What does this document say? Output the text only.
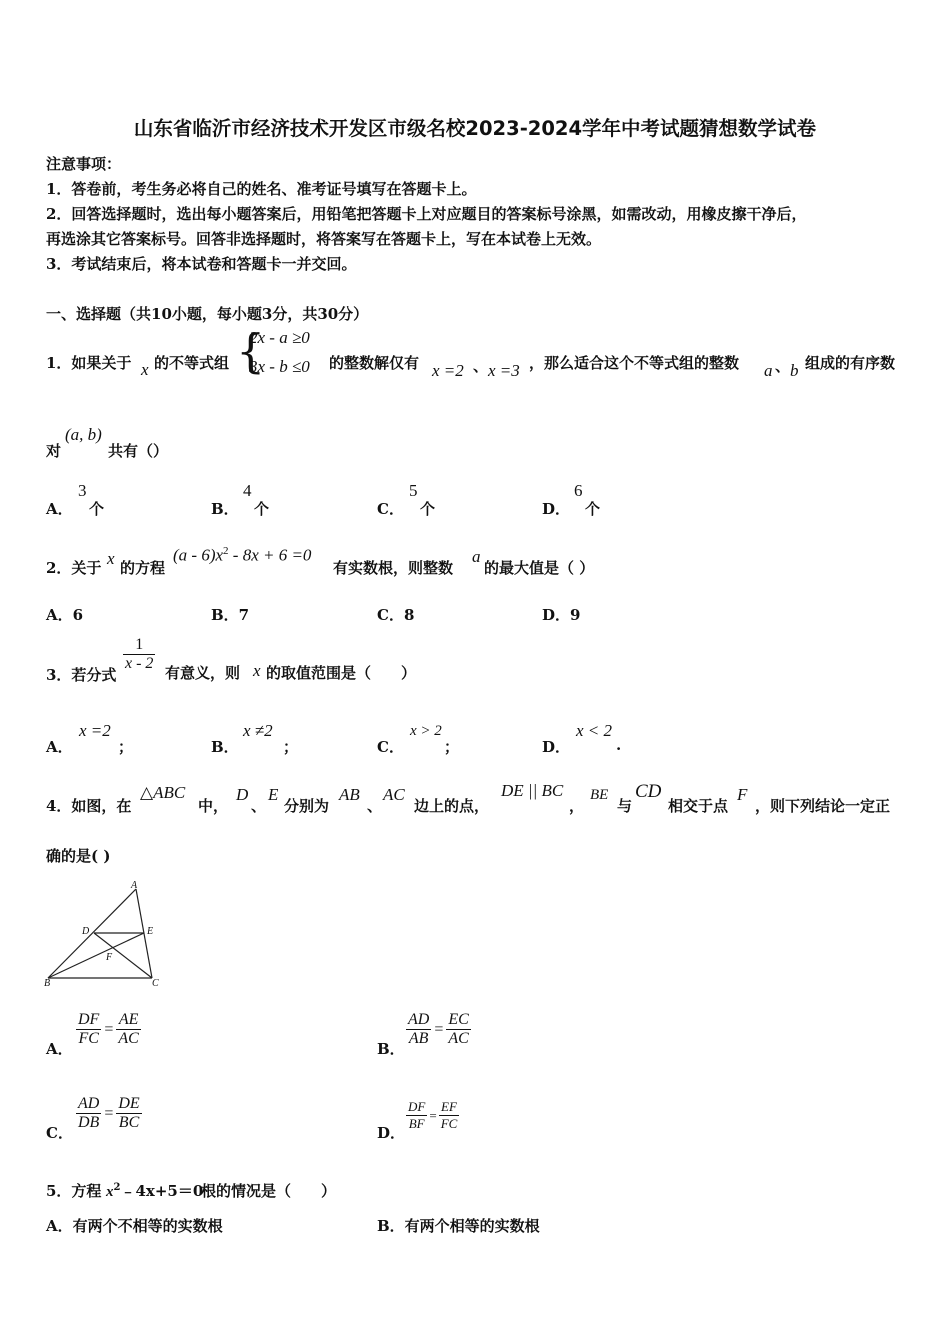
山东省临沂市经济技术开发区市级名校2023-2024学年中考试题猜想数学试卷
注意事项：
1．答卷前，考生务必将自己的姓名、准考证号填写在答题卡上。
2．回答选择题时，选出每小题答案后，用铅笔把答题卡上对应题目的答案标号涂黑，如需改动，用橡皮擦干净后，
再选涂其它答案标号。回答非选择题时，将答案写在答题卡上，写在本试卷上无效。
3．考试结束后，将本试卷和答题卡一并交回。
一、选择题（共10小题，每小题3分，共30分）
1．如果关于 x 的不等式组 {
2x - a ≥0
3x - b ≤0 的整数解仅有 x =2 、 x =3 ，那么适合这个不等式组的整数 a 、 b 组成的有序数
对
(a, b)
共有（）
A．
3
个	B．
4
个	C．
5
个	D．
6
个
2．关于 x 的方程
$(a - 6)x^2 - 8x + 6 =0$
有实数根，则整数
a
的最大值是（ ）
A．6	B．7	C．8	D．9
3．若分式
$\frac{1}{x - 2}$ 有意义，则 x 的取值范围是（　　）
A．
x =2
；	B．
x ≠2
；	C．
x > 2
；	D．
x < 2
.
4．如图，在
△ABC
中，
D
、
E
分别为
AB
、
AC
边上的点，
DE || BC
，
BE
与
CD
相交于点
F
，则下列结论一定正
确的是( )
A
B	C
D	E
F
A．
$\frac{DF}{FC} = \frac{AE}{AC}$
B．
$\frac{AD}{AB} = \frac{EC}{AC}$
C．
$\frac{AD}{DB} = \frac{DE}{BC}$
D．
$\frac{DF}{BF} = \frac{EF}{FC}$
5．方程 $x^2﹣4x+5=0$
根的情况是（　　）
A．有两个不相等的实数根	B．有两个相等的实数根
